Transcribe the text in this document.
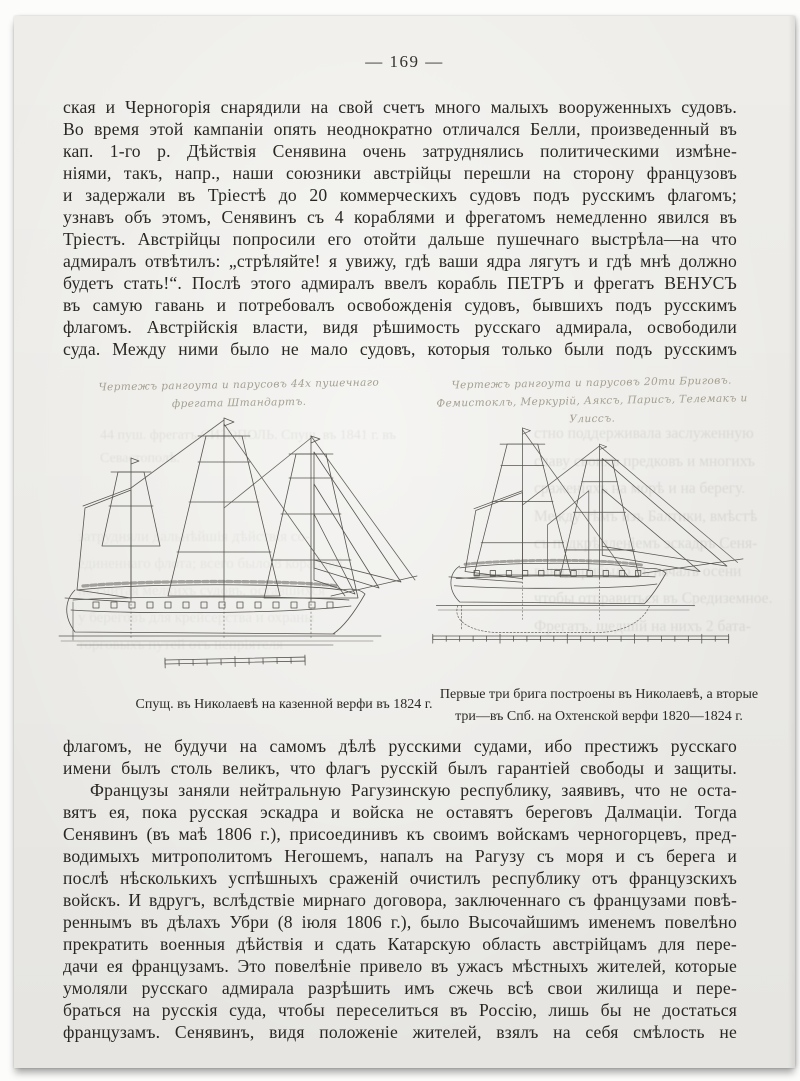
— 169 —
44 пуш. фрегатъ СИЗОПОЛЬ. Спущ. въ 1841 г. въ
Севастополѣ.
затрудняли дальнѣйшія дѣйствія со-
единеннаго флота; всего было 8 кораблей,
не считая мелкихъ судовъ, оставшихся
у береговъ для крейсерства и охраны
торговыхъ путей отъ непріятеля
стно поддерживала заслуженную
славу своихъ предковъ и многихъ
сраженіяхъ на морѣ и на берегу.
Между тѣмъ изъ Балтики, вмѣстѣ
съ подкрѣпленіемъ эскадръ Сеня-
вина, прибыло въ началѣ осени
чтобы отправиться въ Средиземное.
Фрегатъ, шедшій на нихъ 2 бата-
ская и Черногорія снарядили на свой счетъ много малыхъ вооруженныхъ судовъ.
Во время этой кампаніи опять неоднократно отличался Белли, произведенный въ
кап. 1-го р. Дѣйствія Сенявина очень затруднялись политическими измѣне-
ніями, такъ, напр., наши союзники австрійцы перешли на сторону французовъ
и задержали въ Тріестѣ до 20 коммерческихъ судовъ подъ русскимъ флагомъ;
узнавъ объ этомъ, Сенявинъ съ 4 кораблями и фрегатомъ немедленно явился въ
Тріестъ. Австрійцы попросили его отойти дальше пушечнаго выстрѣла—на что
адмиралъ отвѣтилъ: „стрѣляйте! я увижу, гдѣ ваши ядра лягутъ и гдѣ мнѣ должно
будетъ стать!“. Послѣ этого адмиралъ ввелъ корабль ПЕТРЪ и фрегатъ ВЕНУСЪ
въ самую гавань и потребовалъ освобожденія судовъ, бывшихъ подъ русскимъ
флагомъ. Австрійскія власти, видя рѣшимость русскаго адмирала, освободили
суда. Между ними было не мало судовъ, которыя только были подъ русскимъ
Чертежъ рангоута и парусовъ 44х пушечнаго
фрегата Штандартъ.
Чертежъ рангоута и парусовъ 20ти Бриговъ.
Фемистоклъ, Меркурій, Аяксъ, Парисъ, Телемакъ и Улиссъ.
Спущ. въ Николаевѣ на казенной верфи въ 1824 г.
Первые три брига построены въ Николаевѣ, а вторые
три—въ Спб. на Охтенской верфи 1820—1824 г.
флагомъ, не будучи на самомъ дѣлѣ русскими судами, ибо престижъ русскаго
имени былъ столь великъ, что флагъ русскій былъ гарантіей свободы и защиты.
Французы заняли нейтральную Рагузинскую республику, заявивъ, что не оста-
вятъ ея, пока русская эскадра и войска не оставятъ береговъ Далмаціи. Тогда
Сенявинъ (въ маѣ 1806 г.), присоединивъ къ своимъ войскамъ черногорцевъ, пред-
водимыхъ митрополитомъ Негошемъ, напалъ на Рагузу съ моря и съ берега и
послѣ нѣсколькихъ успѣшныхъ сраженій очистилъ республику отъ французскихъ
войскъ. И вдругъ, вслѣдствіе мирнаго договора, заключеннаго съ французами повѣ-
реннымъ въ дѣлахъ Убри (8 іюля 1806 г.), было Высочайшимъ именемъ повелѣно
прекратить военныя дѣйствія и сдать Катарскую область австрійцамъ для пере-
дачи ея французамъ. Это повелѣніе привело въ ужасъ мѣстныхъ жителей, которые
умоляли русскаго адмирала разрѣшить имъ сжечь всѣ свои жилища и пере-
браться на русскія суда, чтобы переселиться въ Россію, лишь бы не достаться
французамъ. Сенявинъ, видя положеніе жителей, взялъ на себя смѣлость не
